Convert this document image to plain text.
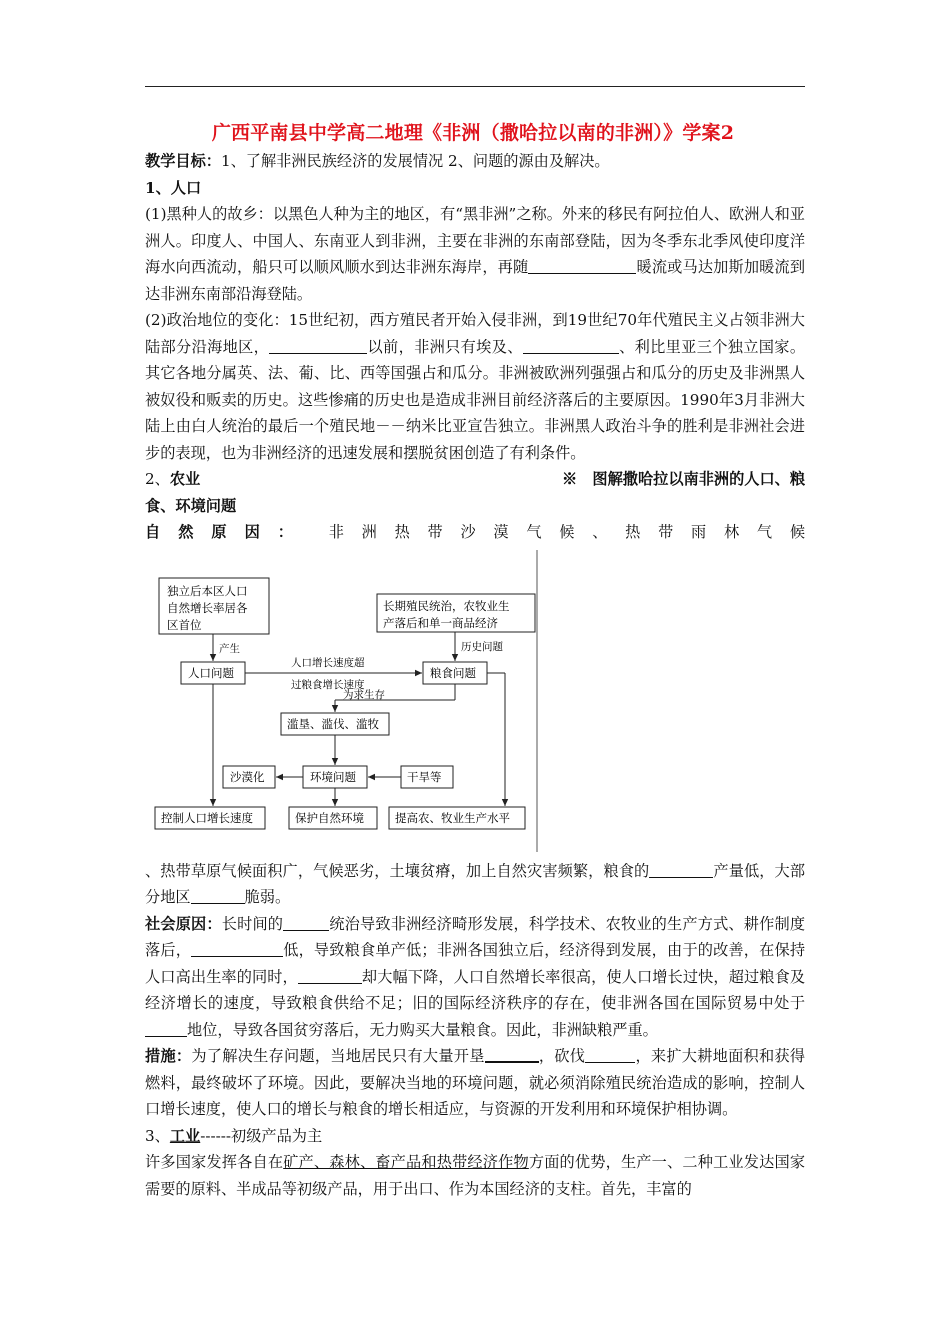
广西平南县中学高二地理《非洲（撒哈拉以南的非洲）》学案2

教学目标：1、了解非洲民族经济的发展情况 2、问题的源由及解决。

1、人口

(1)黑种人的故乡：以黑色人种为主的地区，有“黑非洲”之称。外来的移民有阿拉伯人、欧洲人和亚洲人。印度人、中国人、东南亚人到非洲，主要在非洲的东南部登陆，因为冬季东北季风使印度洋海水向西流动，船只可以顺风顺水到达非洲东海岸，再随	暖流或马达加斯加暖流到达非洲东南部沿海登陆。

(2)政治地位的变化：15世纪初，西方殖民者开始入侵非洲，到19世纪70年代殖民主义占领非洲大陆部分沿海地区，	以前，非洲只有埃及、	、利比里亚三个独立国家。其它各地分属英、法、葡、比、西等国强占和瓜分。非洲被欧洲列强强占和瓜分的历史及非洲黑人被奴役和贩卖的历史。这些惨痛的历史也是造成非洲目前经济落后的主要原因。1990年3月非洲大陆上由白人统治的最后一个殖民地－－纳米比亚宣告独立。非洲黑人政治斗争的胜利是非洲社会进步的表现，也为非洲经济的迅速发展和摆脱贫困创造了有利条件。

2、农业	※　图解撒哈拉以南非洲的人口、粮

食、环境问题

自然原因： 非 洲 热 带 沙 漠 气 候 、 热 带 雨 林 气 候
独立后本区人口
自然增长率居各
区首位
长期殖民统治，农牧业生
产落后和单一商品经济
人口问题	粮食问题
滥垦、滥伐、滥牧
沙漠化	环境问题	干旱等
控制人口增长速度	保护自然环境	提高农、牧业生产水平
产生	历史问题
人口增长速度超
过粮食增长速度
为求生存

、热带草原气候面积广，气候恶劣，土壤贫瘠，加上自然灾害频繁，粮食的	产量低，大部分地区	脆弱。

社会原因：长时间的	统治导致非洲经济畸形发展，科学技术、农牧业的生产方式、耕作制度落后，	低，导致粮食单产低；非洲各国独立后，经济得到发展，由于的改善，在保持人口高出生率的同时，	却大幅下降，人口自然增长率很高，使人口增长过快，超过粮食及经济增长的速度，导致粮食供给不足；旧的国际经济秩序的存在，使非洲各国在国际贸易中处于地位，导致各国贫穷落后，无力购买大量粮食。因此，非洲缺粮严重。

措施：为了解决生存问题，当地居民只有大量开垦	，砍伐	，来扩大耕地面积和获得燃料，最终破坏了环境。因此，要解决当地的环境问题，就必须消除殖民统治造成的影响，控制人口增长速度，使人口的增长与粮食的增长相适应，与资源的开发利用和环境保护相协调。

3、工业------初级产品为主

许多国家发挥各自在矿产、森林、畜产品和热带经济作物方面的优势，生产一、二种工业发达国家需要的原料、半成品等初级产品，用于出口、作为本国经济的支柱。首先，丰富的
